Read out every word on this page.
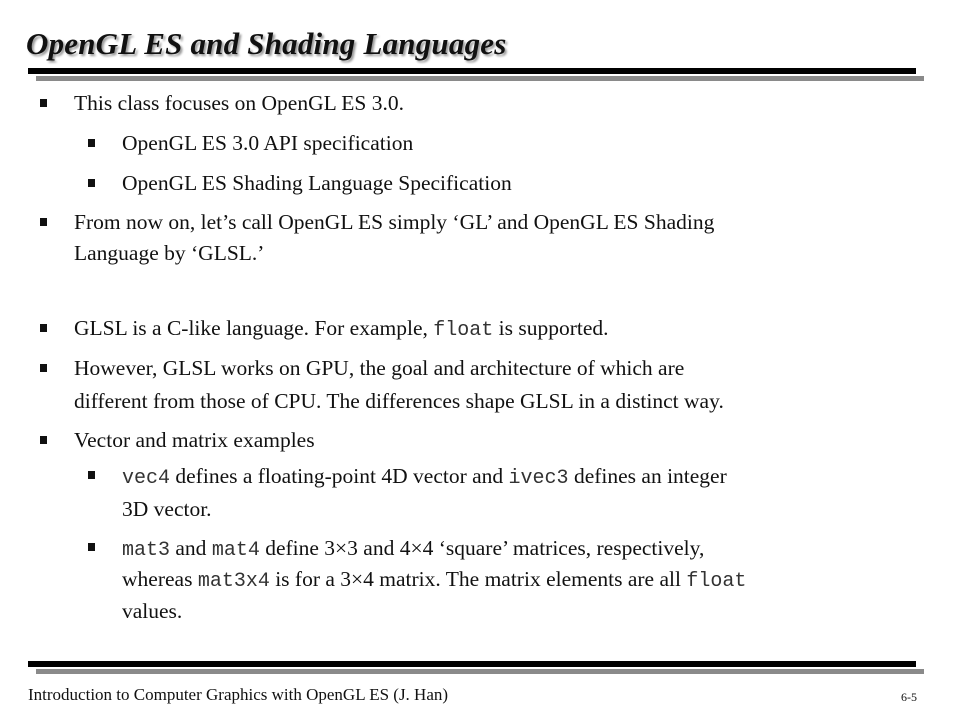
OpenGL ES and Shading Languages
This class focuses on OpenGL ES 3.0.
OpenGL ES 3.0 API specification
OpenGL ES Shading Language Specification
From now on, let’s call OpenGL ES simply ‘GL’ and OpenGL ES Shading
Language by ‘GLSL.’
GLSL is a C-like language. For example, float is supported.
However, GLSL works on GPU, the goal and architecture of which are
different from those of CPU. The differences shape GLSL in a distinct way.
Vector and matrix examples
vec4 defines a floating-point 4D vector and ivec3 defines an integer
3D vector.
mat3 and mat4 define 3×3 and 4×4 ‘square’ matrices, respectively,
whereas mat3x4 is for a 3×4 matrix. The matrix elements are all float
values.
Introduction to Computer Graphics with OpenGL ES (J. Han)	6-5
